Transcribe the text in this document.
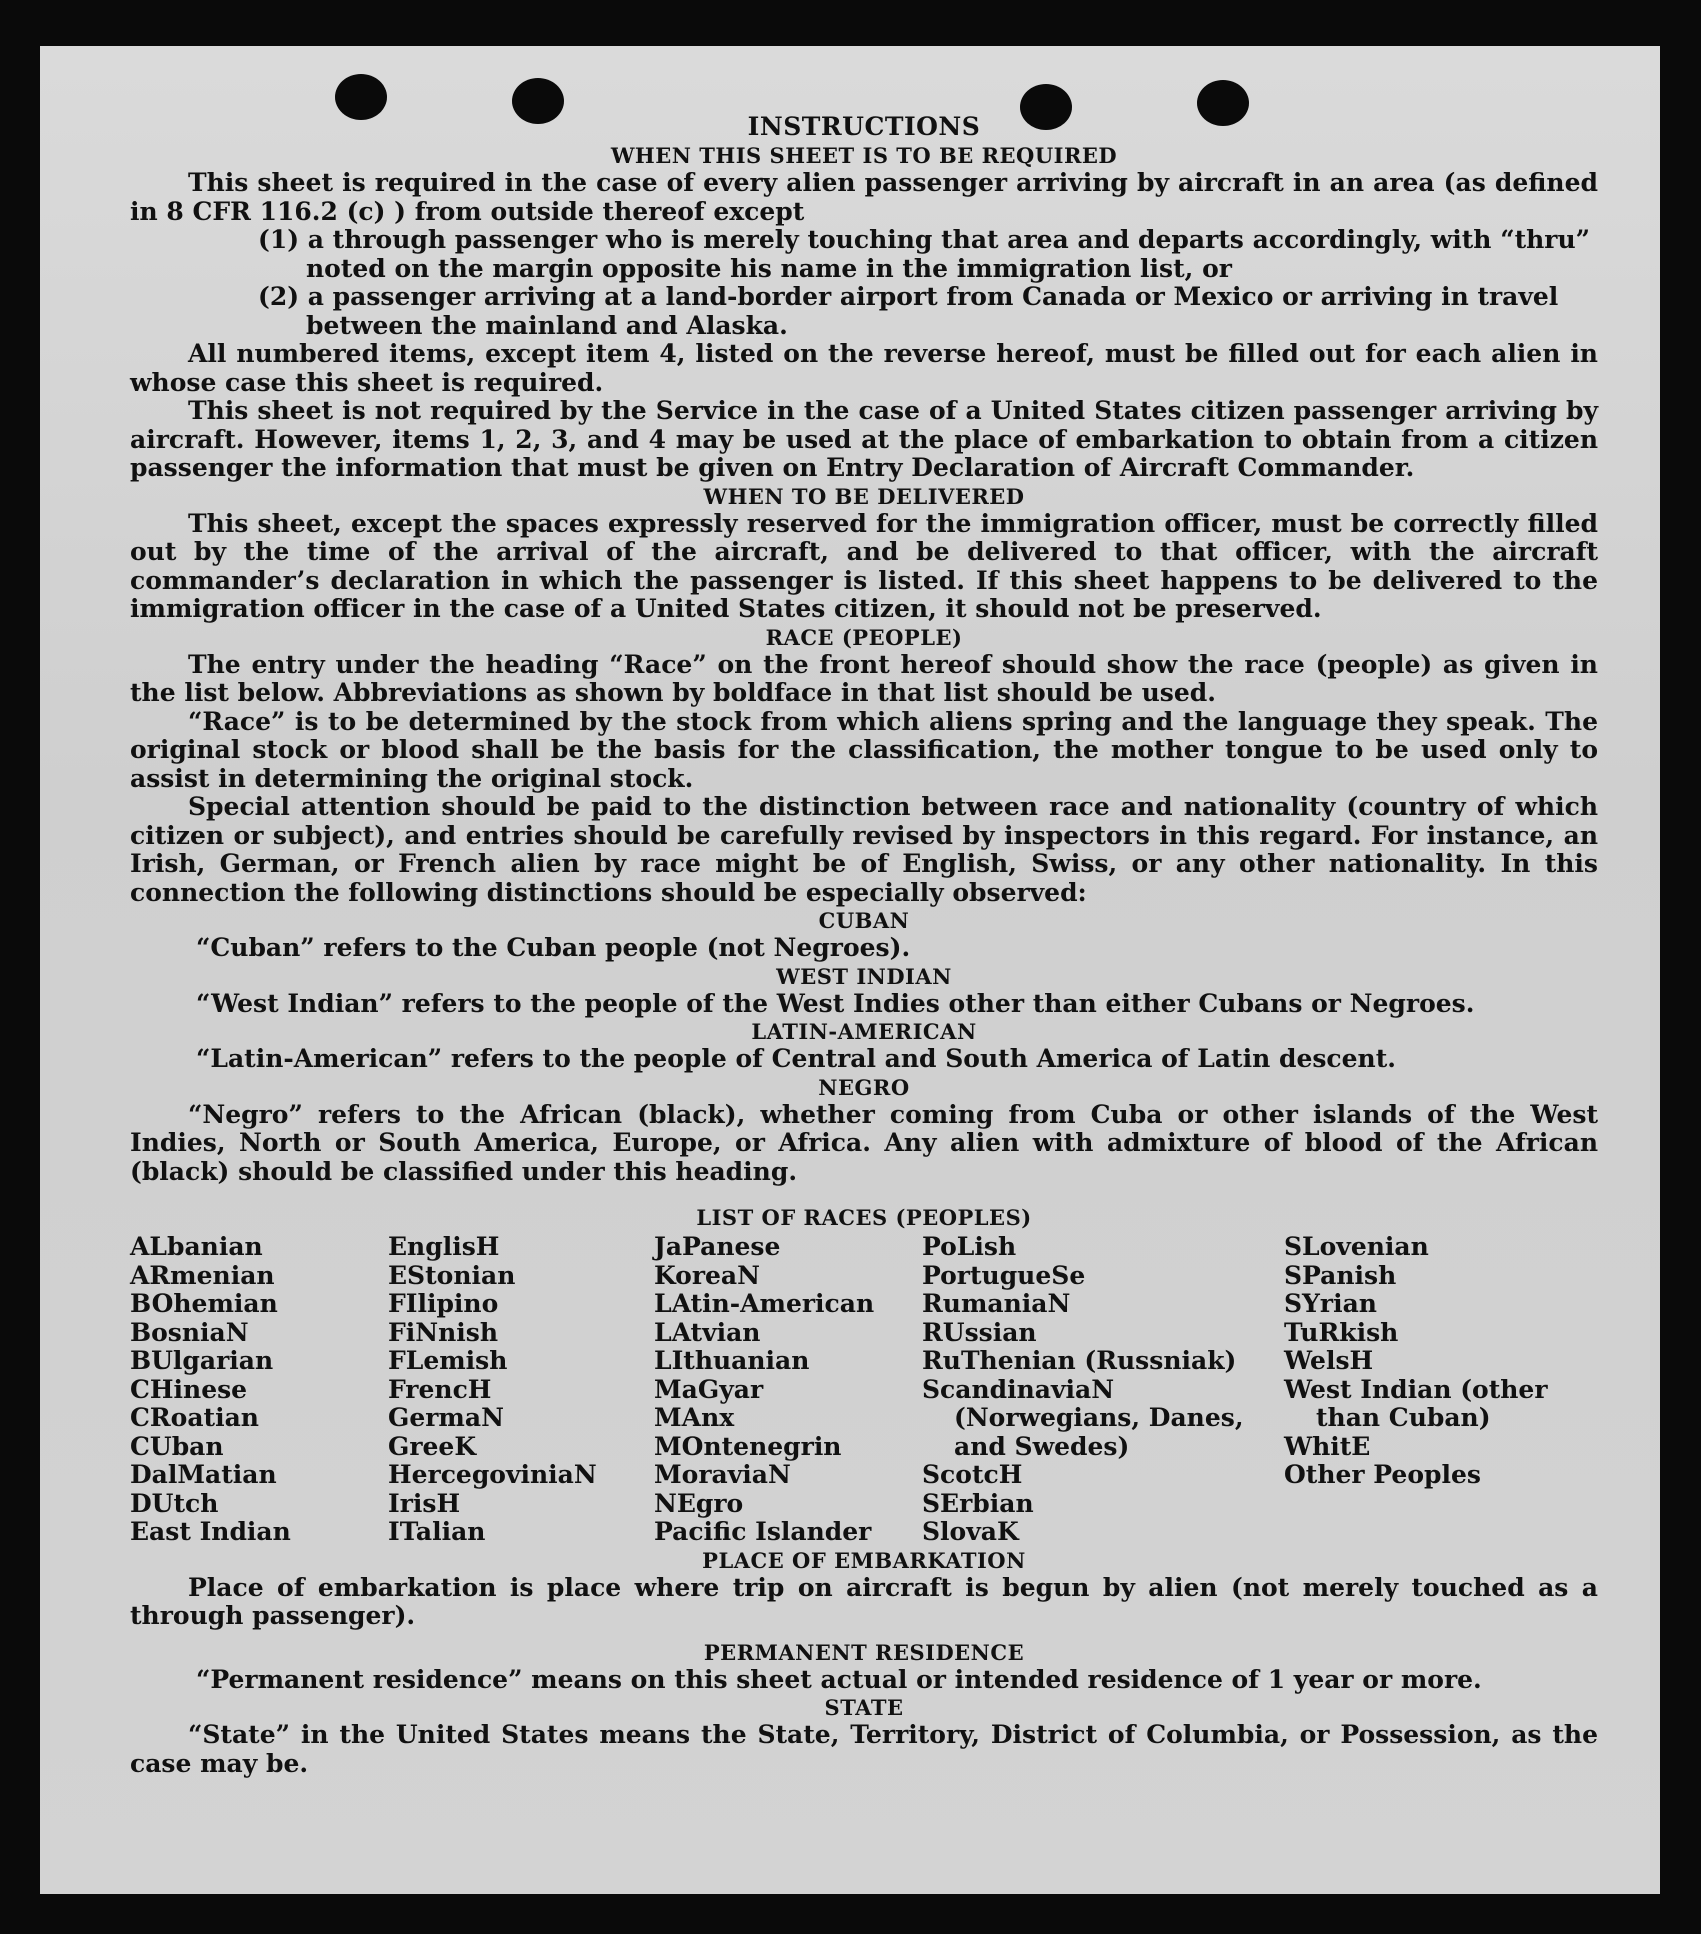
INSTRUCTIONS

WHEN THIS SHEET IS TO BE REQUIRED

This sheet is required in the case of every alien passenger arriving by aircraft in an area (as defined in 8 CFR 116.2 (c) ) from outside thereof except

(1) a through passenger who is merely touching that area and departs accordingly, with “thru” noted on the margin opposite his name in the immigration list, or

(2) a passenger arriving at a land-border airport from Canada or Mexico or arriving in travel between the mainland and Alaska.

All numbered items, except item 4, listed on the reverse hereof, must be filled out for each alien in whose case this sheet is required.

This sheet is not required by the Service in the case of a United States citizen passenger arriving by aircraft. However, items 1, 2, 3, and 4 may be used at the place of embarkation to obtain from a citizen passenger the information that must be given on Entry Declaration of Aircraft Commander.

WHEN TO BE DELIVERED

This sheet, except the spaces expressly reserved for the immigration officer, must be correctly filled out by the time of the arrival of the aircraft, and be delivered to that officer, with the aircraft commander’s declaration in which the passenger is listed. If this sheet happens to be delivered to the immigration officer in the case of a United States citizen, it should not be preserved.

RACE (PEOPLE)

The entry under the heading “Race” on the front hereof should show the race (people) as given in the list below. Abbreviations as shown by boldface in that list should be used.

“Race” is to be determined by the stock from which aliens spring and the language they speak. The original stock or blood shall be the basis for the classification, the mother tongue to be used only to assist in determining the original stock.

Special attention should be paid to the distinction between race and nationality (country of which citizen or subject), and entries should be carefully revised by inspectors in this regard. For instance, an Irish, German, or French alien by race might be of English, Swiss, or any other nationality. In this connection the following distinctions should be especially observed:

CUBAN

“Cuban” refers to the Cuban people (not Negroes).

WEST INDIAN

“West Indian” refers to the people of the West Indies other than either Cubans or Negroes.

LATIN-AMERICAN

“Latin-American” refers to the people of Central and South America of Latin descent.

NEGRO

“Negro” refers to the African (black), whether coming from Cuba or other islands of the West Indies, North or South America, Europe, or Africa. Any alien with admixture of blood of the African (black) should be classified under this heading.

LIST OF RACES (PEOPLES)

ALbanian
ARmenian
BOhemian
BosniaN
BUlgarian
CHinese
CRoatian
CUban
DalMatian
DUtch
East Indian
EnglisH
EStonian
FIlipino
FiNnish
FLemish
FrencH
GermaN
GreeK
HercegoviniaN
IrisH
ITalian
JaPanese
KoreaN
LAtin-American
LAtvian
LIthuanian
MaGyar
MAnx
MOntenegrin
MoraviaN
NEgro
Pacific Islander
PoLish
PortugueSe
RumaniaN
RUssian
RuThenian (Russniak)
ScandinaviaN (Norwegians, Danes, and Swedes)
ScotcH
SErbian
SlovaK
SLovenian
SPanish
SYrian
TuRkish
WelsH
West Indian (other than Cuban)
WhitE
Other Peoples

PLACE OF EMBARKATION

Place of embarkation is place where trip on aircraft is begun by alien (not merely touched as a through passenger).

PERMANENT RESIDENCE

“Permanent residence” means on this sheet actual or intended residence of 1 year or more.

STATE

“State” in the United States means the State, Territory, District of Columbia, or Possession, as the case may be.
